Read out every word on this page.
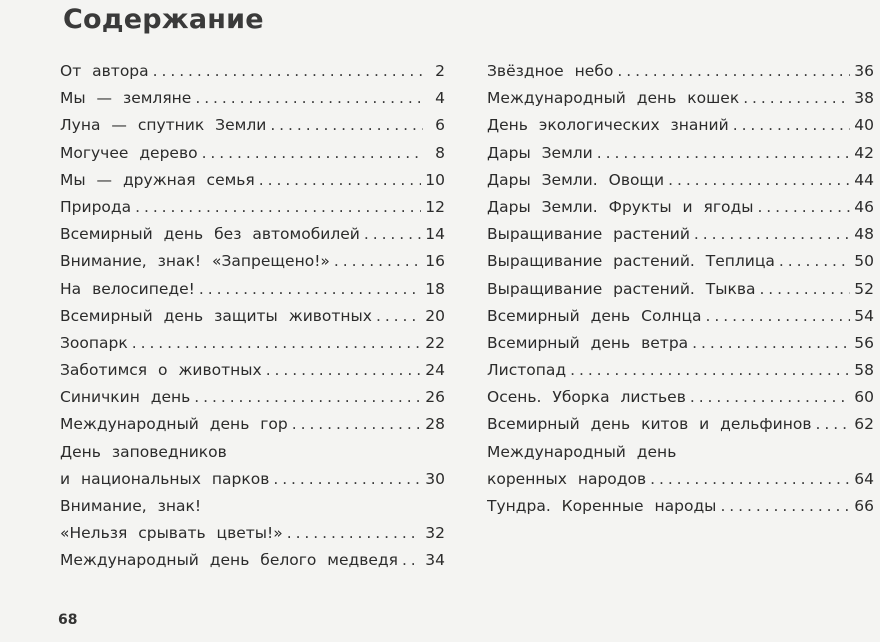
Содержание
От автора . . .	2
Мы — земляне . . .	4
Луна — спутник Земли . . .	6
Могучее дерево . . .	8
Мы — дружная семья . . .	10
Природа . . .	12
Всемирный день без автомобилей . . .	14
Внимание, знак! «Запрещено!» . . .	16
На велосипеде! . . .	18
Всемирный день защиты животных . . .	20
Зоопарк . . .	22
Заботимся о животных . . .	24
Синичкин день . . .	26
Международный день гор . . .	28
День заповедников
и национальных парков . . .	30
Внимание, знак!
«Нельзя срывать цветы!» . . .	32
Международный день белого медведя . . . 34
Звёздное небо . . .	36
Международный день кошек . . .	38
День экологических знаний . . .	40
Дары Земли . . .	42
Дары Земли. Овощи . . .	44
Дары Земли. Фрукты и ягоды . . .	46
Выращивание растений . . .	48
Выращивание растений. Теплица . . .	50
Выращивание растений. Тыква . . .	52
Всемирный день Солнца . . .	54
Всемирный день ветра . . .	56
Листопад . . .	58
Осень. Уборка листьев . . .	60
Всемирный день китов и дельфинов . . .	62
Международный день
коренных народов . . .	64
Тундра. Коренные народы . . .	66
68
